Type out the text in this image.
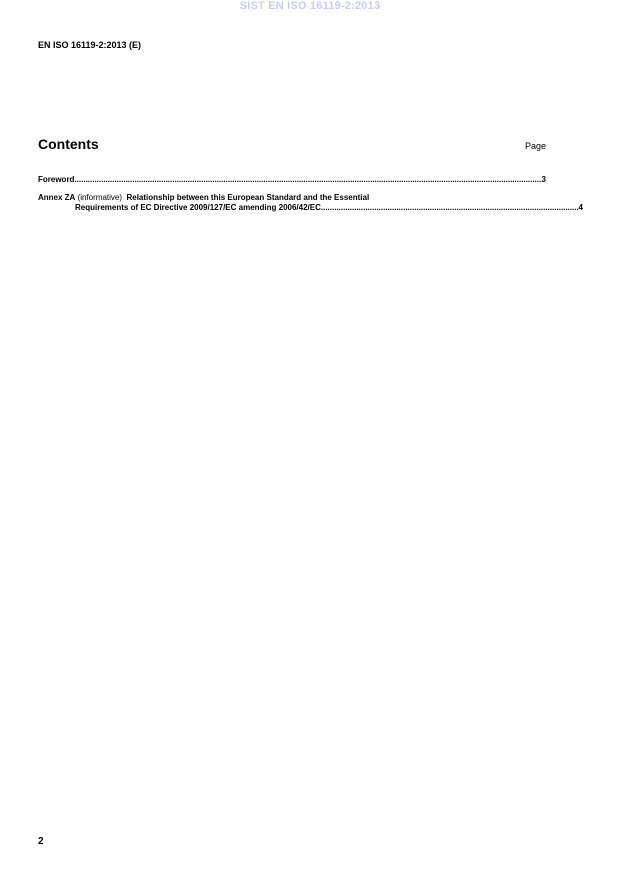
SIST EN ISO 16119-2:2013
EN ISO 16119-2:2013 (E)
Contents	Page
Foreword .....	3
Annex ZA (informative)  Relationship between this European Standard and the Essential
Requirements of EC Directive 2009/127/EC amending 2006/42/EC .....	4
2
